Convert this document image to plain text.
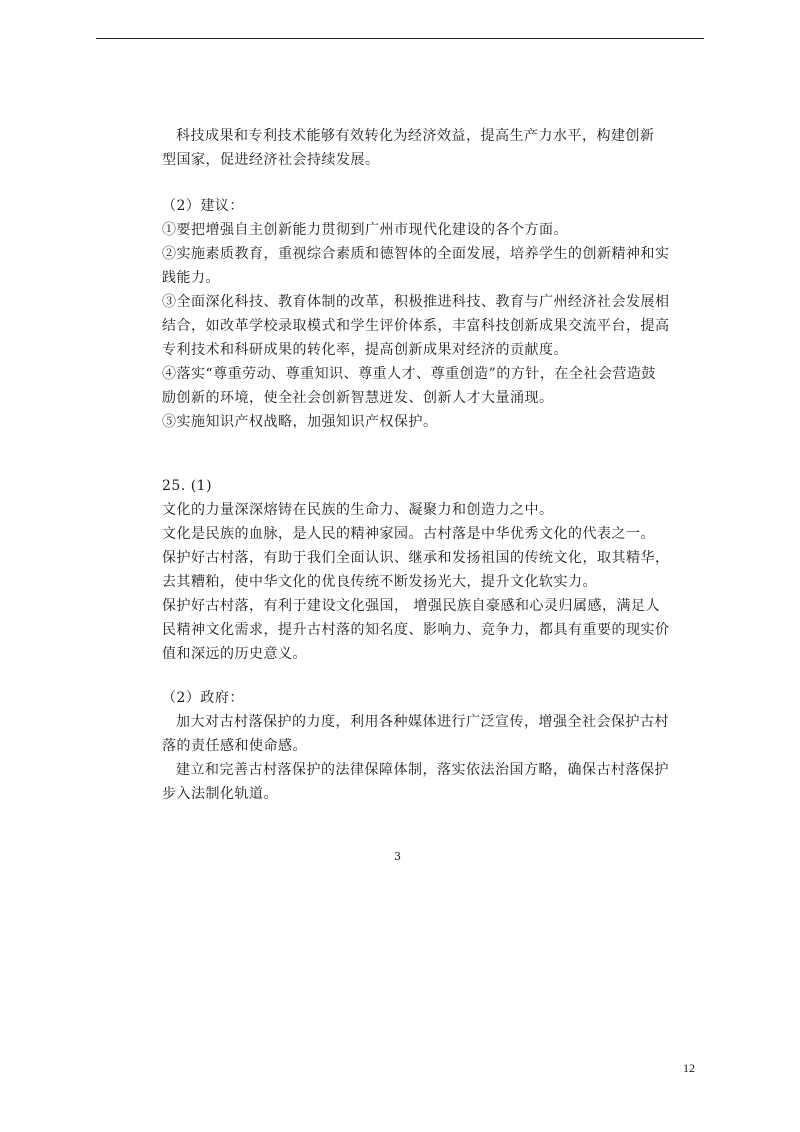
科技成果和专利技术能够有效转化为经济效益，提高生产力水平，构建创新
型国家，促进经济社会持续发展。
（2）建议：
①要把增强自主创新能力贯彻到广州市现代化建设的各个方面。
②实施素质教育，重视综合素质和德智体的全面发展，培养学生的创新精神和实
践能力。
③全面深化科技、教育体制的改革，积极推进科技、教育与广州经济社会发展相
结合，如改革学校录取模式和学生评价体系，丰富科技创新成果交流平台，提高
专利技术和科研成果的转化率，提高创新成果对经济的贡献度。
④落实“尊重劳动、尊重知识、尊重人才、尊重创造”的方针，在全社会营造鼓
励创新的环境，使全社会创新智慧迸发、创新人才大量涌现。
⑤实施知识产权战略，加强知识产权保护。
25. (1)
文化的力量深深熔铸在民族的生命力、凝聚力和创造力之中。
文化是民族的血脉，是人民的精神家园。古村落是中华优秀文化的代表之一。
保护好古村落，有助于我们全面认识、继承和发扬祖国的传统文化，取其精华，
去其糟粕，使中华文化的优良传统不断发扬光大，提升文化软实力。
保护好古村落，有利于建设文化强国， 增强民族自豪感和心灵归属感，满足人
民精神文化需求，提升古村落的知名度、影响力、竞争力，都具有重要的现实价
值和深远的历史意义。
（2）政府：
加大对古村落保护的力度，利用各种媒体进行广泛宣传，增强全社会保护古村
落的责任感和使命感。
建立和完善古村落保护的法律保障体制，落实依法治国方略，确保古村落保护
步入法制化轨道。
3
12
